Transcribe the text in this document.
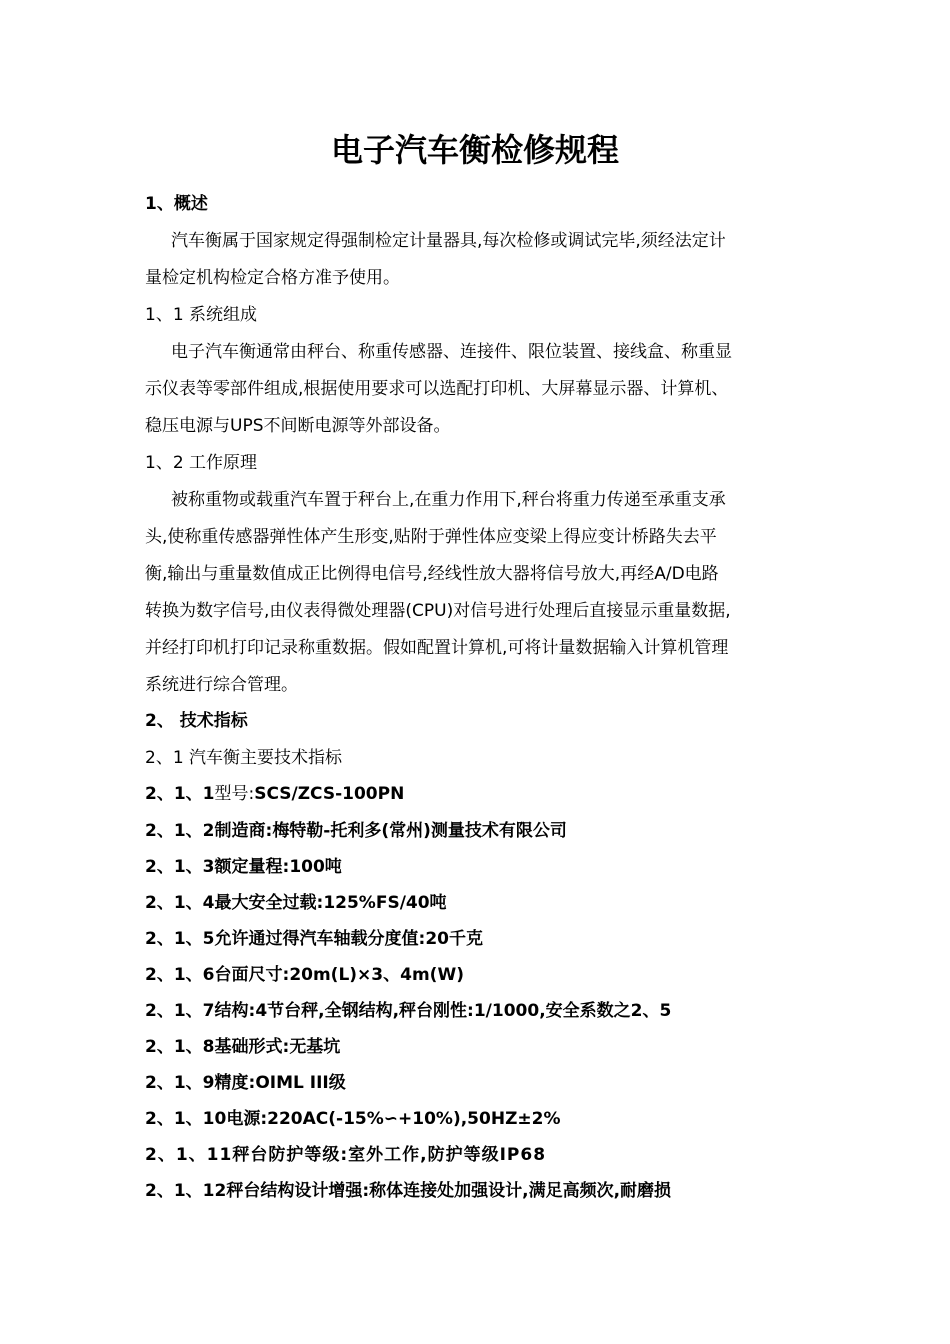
电子汽车衡检修规程

1、概述

汽车衡属于国家规定得强制检定计量器具,每次检修或调试完毕,须经法定计

量检定机构检定合格方准予使用。

1、1 系统组成

电子汽车衡通常由秤台、称重传感器、连接件、限位装置、接线盒、称重显

示仪表等零部件组成,根据使用要求可以选配打印机、大屏幕显示器、计算机、

稳压电源与UPS不间断电源等外部设备。

1、2 工作原理

被称重物或载重汽车置于秤台上,在重力作用下,秤台将重力传递至承重支承

头,使称重传感器弹性体产生形变,贴附于弹性体应变梁上得应变计桥路失去平

衡,输出与重量数值成正比例得电信号,经线性放大器将信号放大,再经A/D电路

转换为数字信号,由仪表得微处理器(CPU)对信号进行处理后直接显示重量数据,

并经打印机打印记录称重数据。假如配置计算机,可将计量数据输入计算机管理

系统进行综合管理。

2、 技术指标

2、1 汽车衡主要技术指标

2、1、1型号:SCS/ZCS-100PN

2、1、2制造商:梅特勒-托利多(常州)测量技术有限公司

2、1、3额定量程:100吨

2、1、4最大安全过载:125%FS/40吨

2、1、5允许通过得汽车轴载分度值:20千克

2、1、6台面尺寸:20m(L)×3、4m(W)

2、1、7结构:4节台秤,全钢结构,秤台刚性:1/1000,安全系数之2、5

2、1、8基础形式:无基坑

2、1、9精度:OIML III级

2、1、10电源:220AC(-15%∽+10%),50HZ±2%

2、1、11秤台防护等级:室外工作,防护等级IP68

2、1、12秤台结构设计增强:称体连接处加强设计,满足高频次,耐磨损
